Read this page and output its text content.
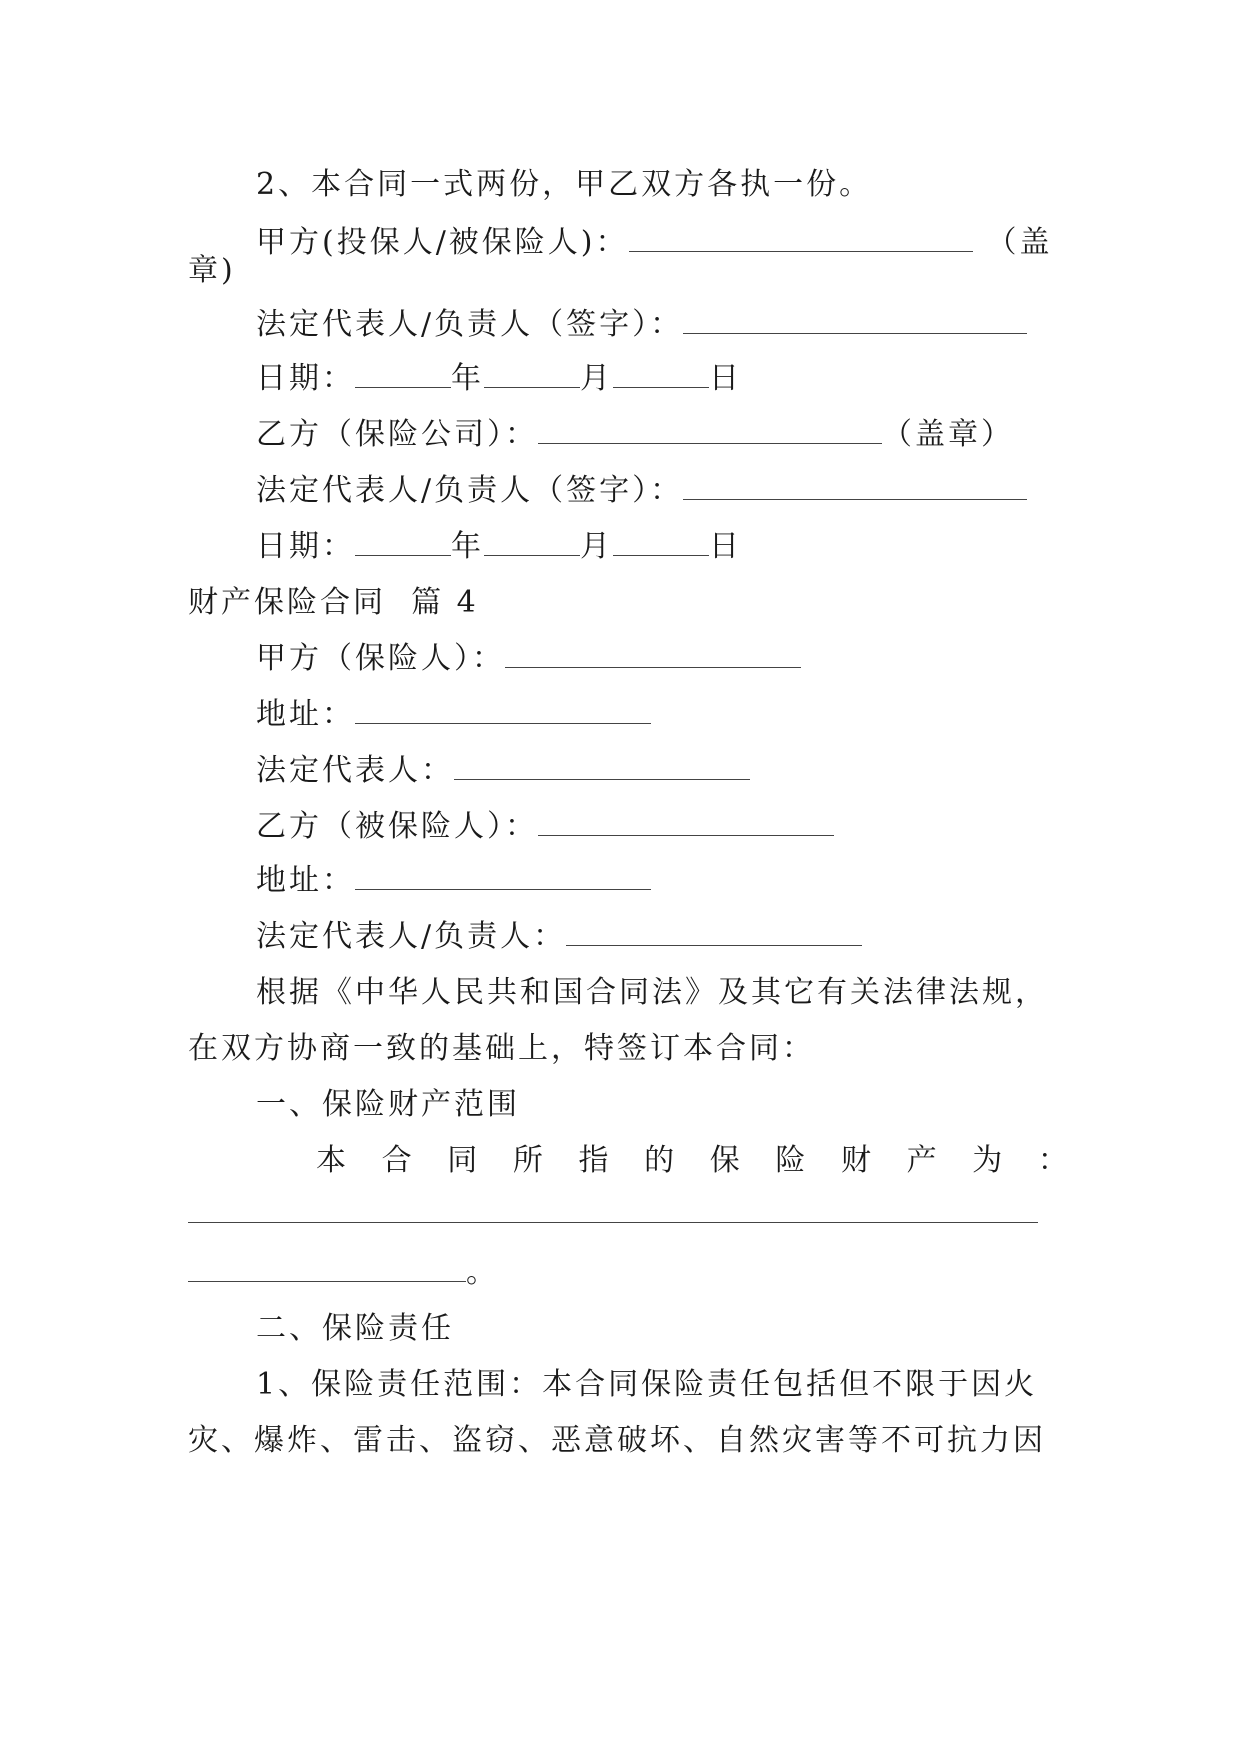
2、本合同一式两份，甲乙双方各执一份。
甲方(投保人/被保险人)：	（盖
章)
法定代表人/负责人（签字）：
日期：	年	月	日
乙方（保险公司）：	（盖章）
法定代表人/负责人（签字）：
日期：	年	月	日
财产保险合同  篇 4
甲方（保险人）：
地址：
法定代表人：
乙方（被保险人）：
地址：
法定代表人/负责人：
根据《中华人民共和国合同法》及其它有关法律法规，
在双方协商一致的基础上，特签订本合同：
一、保险财产范围
本 合 同 所 指 的 保 险 财 产 为 ：
。
二、保险责任
1、保险责任范围：本合同保险责任包括但不限于因火
灾、爆炸、雷击、盗窃、恶意破坏、自然灾害等不可抗力因
